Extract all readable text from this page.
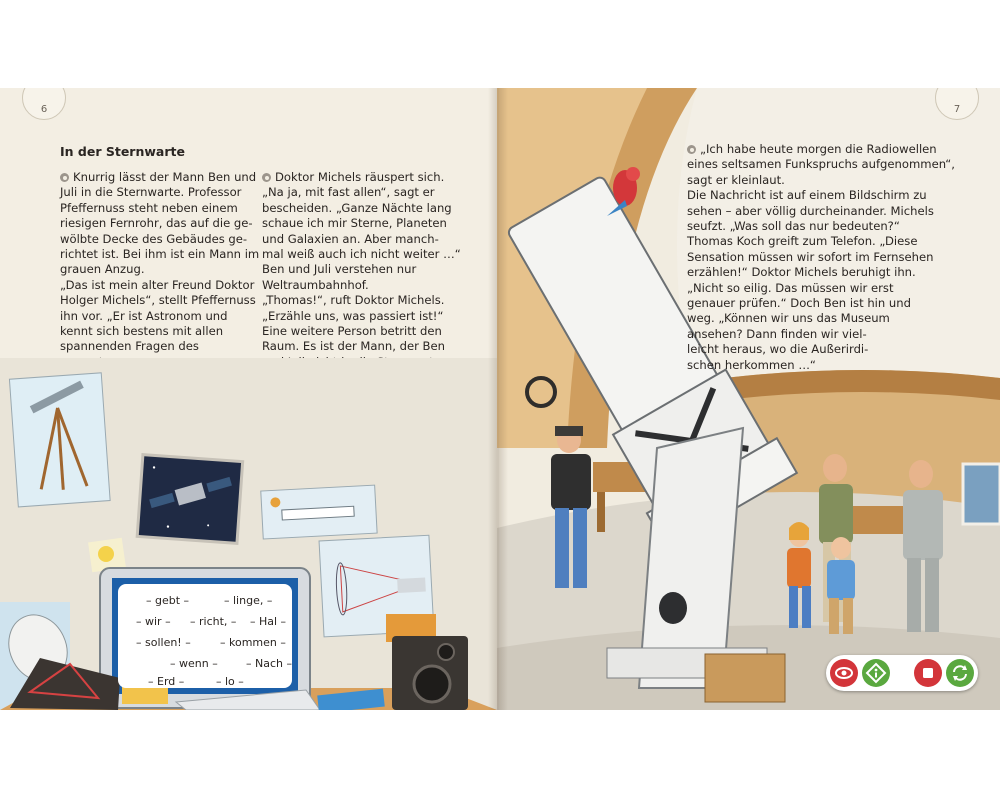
6
In der Sternwarte
Knurrig lässt der Mann Ben und
Juli in die Sternwarte. Professor
Pfeffernuss steht neben einem
riesigen Fernrohr, das auf die ge-
wölbte Decke des Gebäudes ge-
richtet ist. Bei ihm ist ein Mann im
grauen Anzug.
„Das ist mein alter Freund Doktor
Holger Michels“, stellt Pfeffernuss
ihn vor. „Er ist Astronom und
kennt sich bestens mit allen
spannenden Fragen des

Doktor Michels räuspert sich.
„Na ja, mit fast allen“, sagt er
bescheiden. „Ganze Nächte lang
schaue ich mir Sterne, Planeten
und Galaxien an. Aber manch-
mal weiß auch ich nicht weiter …“
Ben und Juli verstehen nur
Weltraumbahnhof.
„Thomas!“, ruft Doktor Michels.
„Erzähle uns, was passiert ist!“
Eine weitere Person betritt den
Raum. Es ist der Mann, der Ben

– gebt –	– linge, –
– wir – – richt, – – Hal –
– sollen! –	– kommen –
– wenn –	– Nach –
– Erd –	– lo –
7
„Ich habe heute morgen die Radiowellen
eines seltsamen Funkspruchs aufgenommen“,
sagt er kleinlaut.
Die Nachricht ist auf einem Bildschirm zu
sehen – aber völlig durcheinander. Michels
seufzt. „Was soll das nur bedeuten?“
Thomas Koch greift zum Telefon. „Diese
Sensation müssen wir sofort im Fernsehen
erzählen!“ Doktor Michels beruhigt ihn.
„Nicht so eilig. Das müssen wir erst
genauer prüfen.“ Doch Ben ist hin und
weg. „Können wir uns das Museum
ansehen? Dann finden wir viel-
leicht heraus, wo die Außerirdi-
schen herkommen …“
